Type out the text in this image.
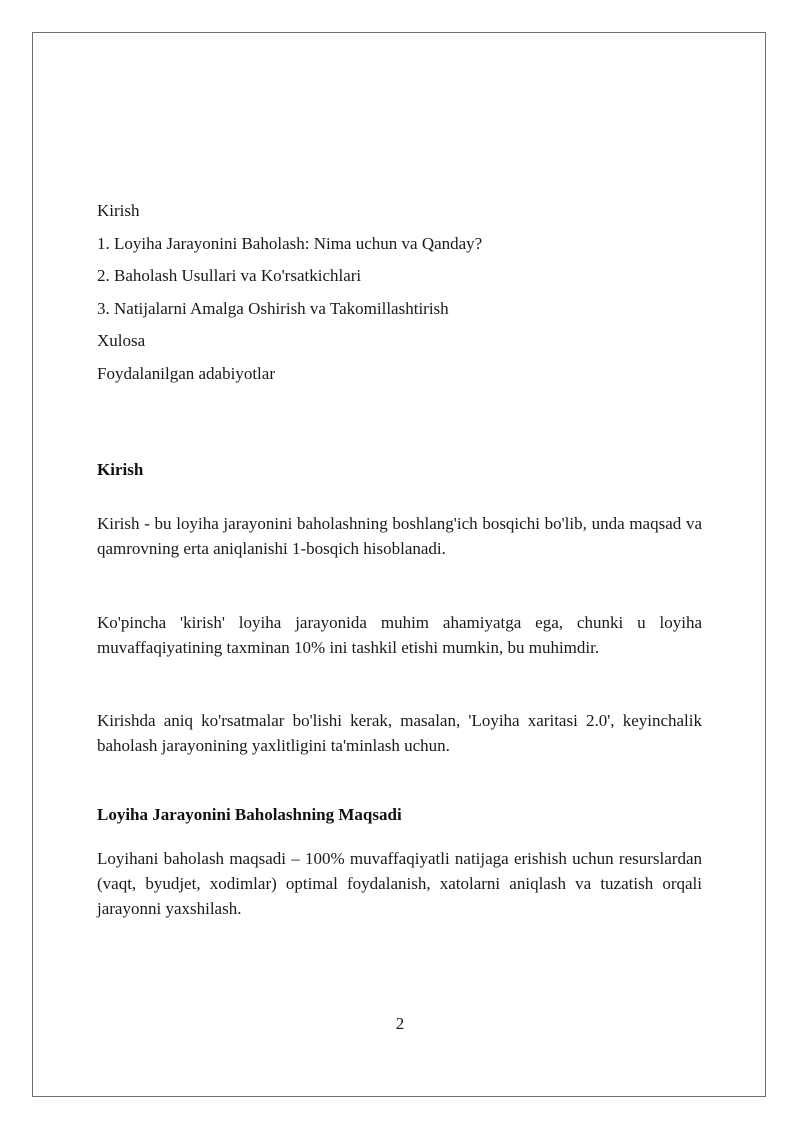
Kirish
1. Loyiha Jarayonini Baholash: Nima uchun va Qanday?
2. Baholash Usullari va Ko'rsatkichlari
3. Natijalarni Amalga Oshirish va Takomillashtirish
Xulosa
Foydalanilgan adabiyotlar
Kirish
Kirish - bu loyiha jarayonini baholashning boshlang'ich bosqichi bo'lib, unda maqsad va qamrovning erta aniqlanishi 1-bosqich hisoblanadi.
Ko'pincha 'kirish' loyiha jarayonida muhim ahamiyatga ega, chunki u loyiha muvaffaqiyatining taxminan 10% ini tashkil etishi mumkin, bu muhimdir.
Kirishda aniq ko'rsatmalar bo'lishi kerak, masalan, 'Loyiha xaritasi 2.0', keyinchalik baholash jarayonining yaxlitligini ta'minlash uchun.
Loyiha Jarayonini Baholashning Maqsadi
Loyihani baholash maqsadi – 100% muvaffaqiyatli natijaga erishish uchun resurslardan (vaqt, byudjet, xodimlar) optimal foydalanish, xatolarni aniqlash va tuzatish orqali jarayonni yaxshilash.
2
